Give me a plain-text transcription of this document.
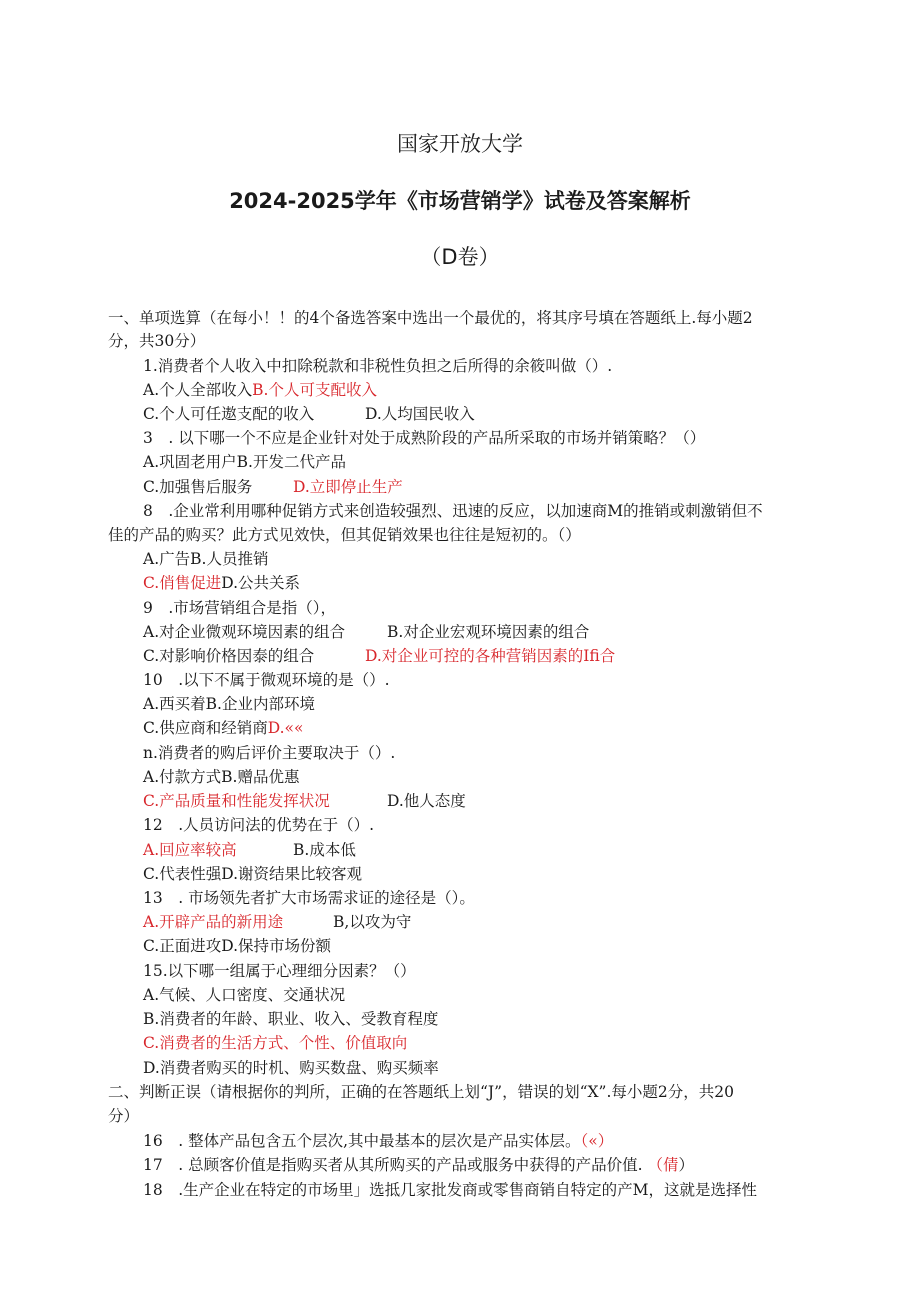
国家开放大学
2024-2025学年《市场营销学》试卷及答案解析
（D卷）
一、单项选算（在每小！！的4个备选答案中选出一个最优的，将其序号填在答题纸上.每小题2
分，共30分）
1.消费者个人收入中扣除税款和非税性负担之后所得的余筱叫做（）.
A.个人全部收入B.个人可支配收入
C.个人可任遨支配的收入	D.人均国民收入
3　. 以下哪一个不应是企业针对处于成熟阶段的产品所采取的市场并销策略？（）
A.巩固老用户B.开发二代产品
C.加强售后服务	D.立即停止生产
8　.企业常利用哪种促销方式来创造较强烈、迅速的反应，以加速商M的推销或刺激销但不
佳的产品的购买？此方式见效快，但其促销效果也往往是短初的。（）
A.广告B.人员推销
C.俏售促进D.公共关系
9　.市场营销组合是指（），
A.对企业微观环境因素的组合	B.对企业宏观环境因素的组合
C.对影响价格因泰的组合	D.对企业可控的各种营销因素的Ifi合
10　.以下不属于微观环境的是（）.
A.西买着B.企业内部环境
C.供应商和经销商D.««
n.消费者的购后评价主要取决于（）.
A.付款方式B.赠品优惠
C.产品质量和性能发挥状况	D.他人态度
12　.人员访问法的优势在于（）.
A.回应率较高	B.成本低
C.代表性强D.谢资结果比较客观
13　. 市场领先者扩大市场需求证的途径是（）。
A.开辟产品的新用途	B,以攻为守
C.正面进攻D.保持市场份额
15.以下哪一组属于心理细分因素？（）
A.气候、人口密度、交通状况
B.消费者的年龄、职业、收入、受教育程度
C.消费者的生活方式、个性、价值取向
D.消费者购买的时机、购买数盘、购买频率
二、判断正误（请根据你的判所，正确的在答题纸上划“J”，错误的划“X”.每小题2分，共20
分）
16　. 整体产品包含五个层次,其中最基本的层次是产品实体层。（«）
17　. 总顾客价值是指购买者从其所购买的产品或服务中获得的产品价值. （倩）
18　.生产企业在特定的市场里」选抵几家批发商或零售商销自特定的产M，这就是选择性
